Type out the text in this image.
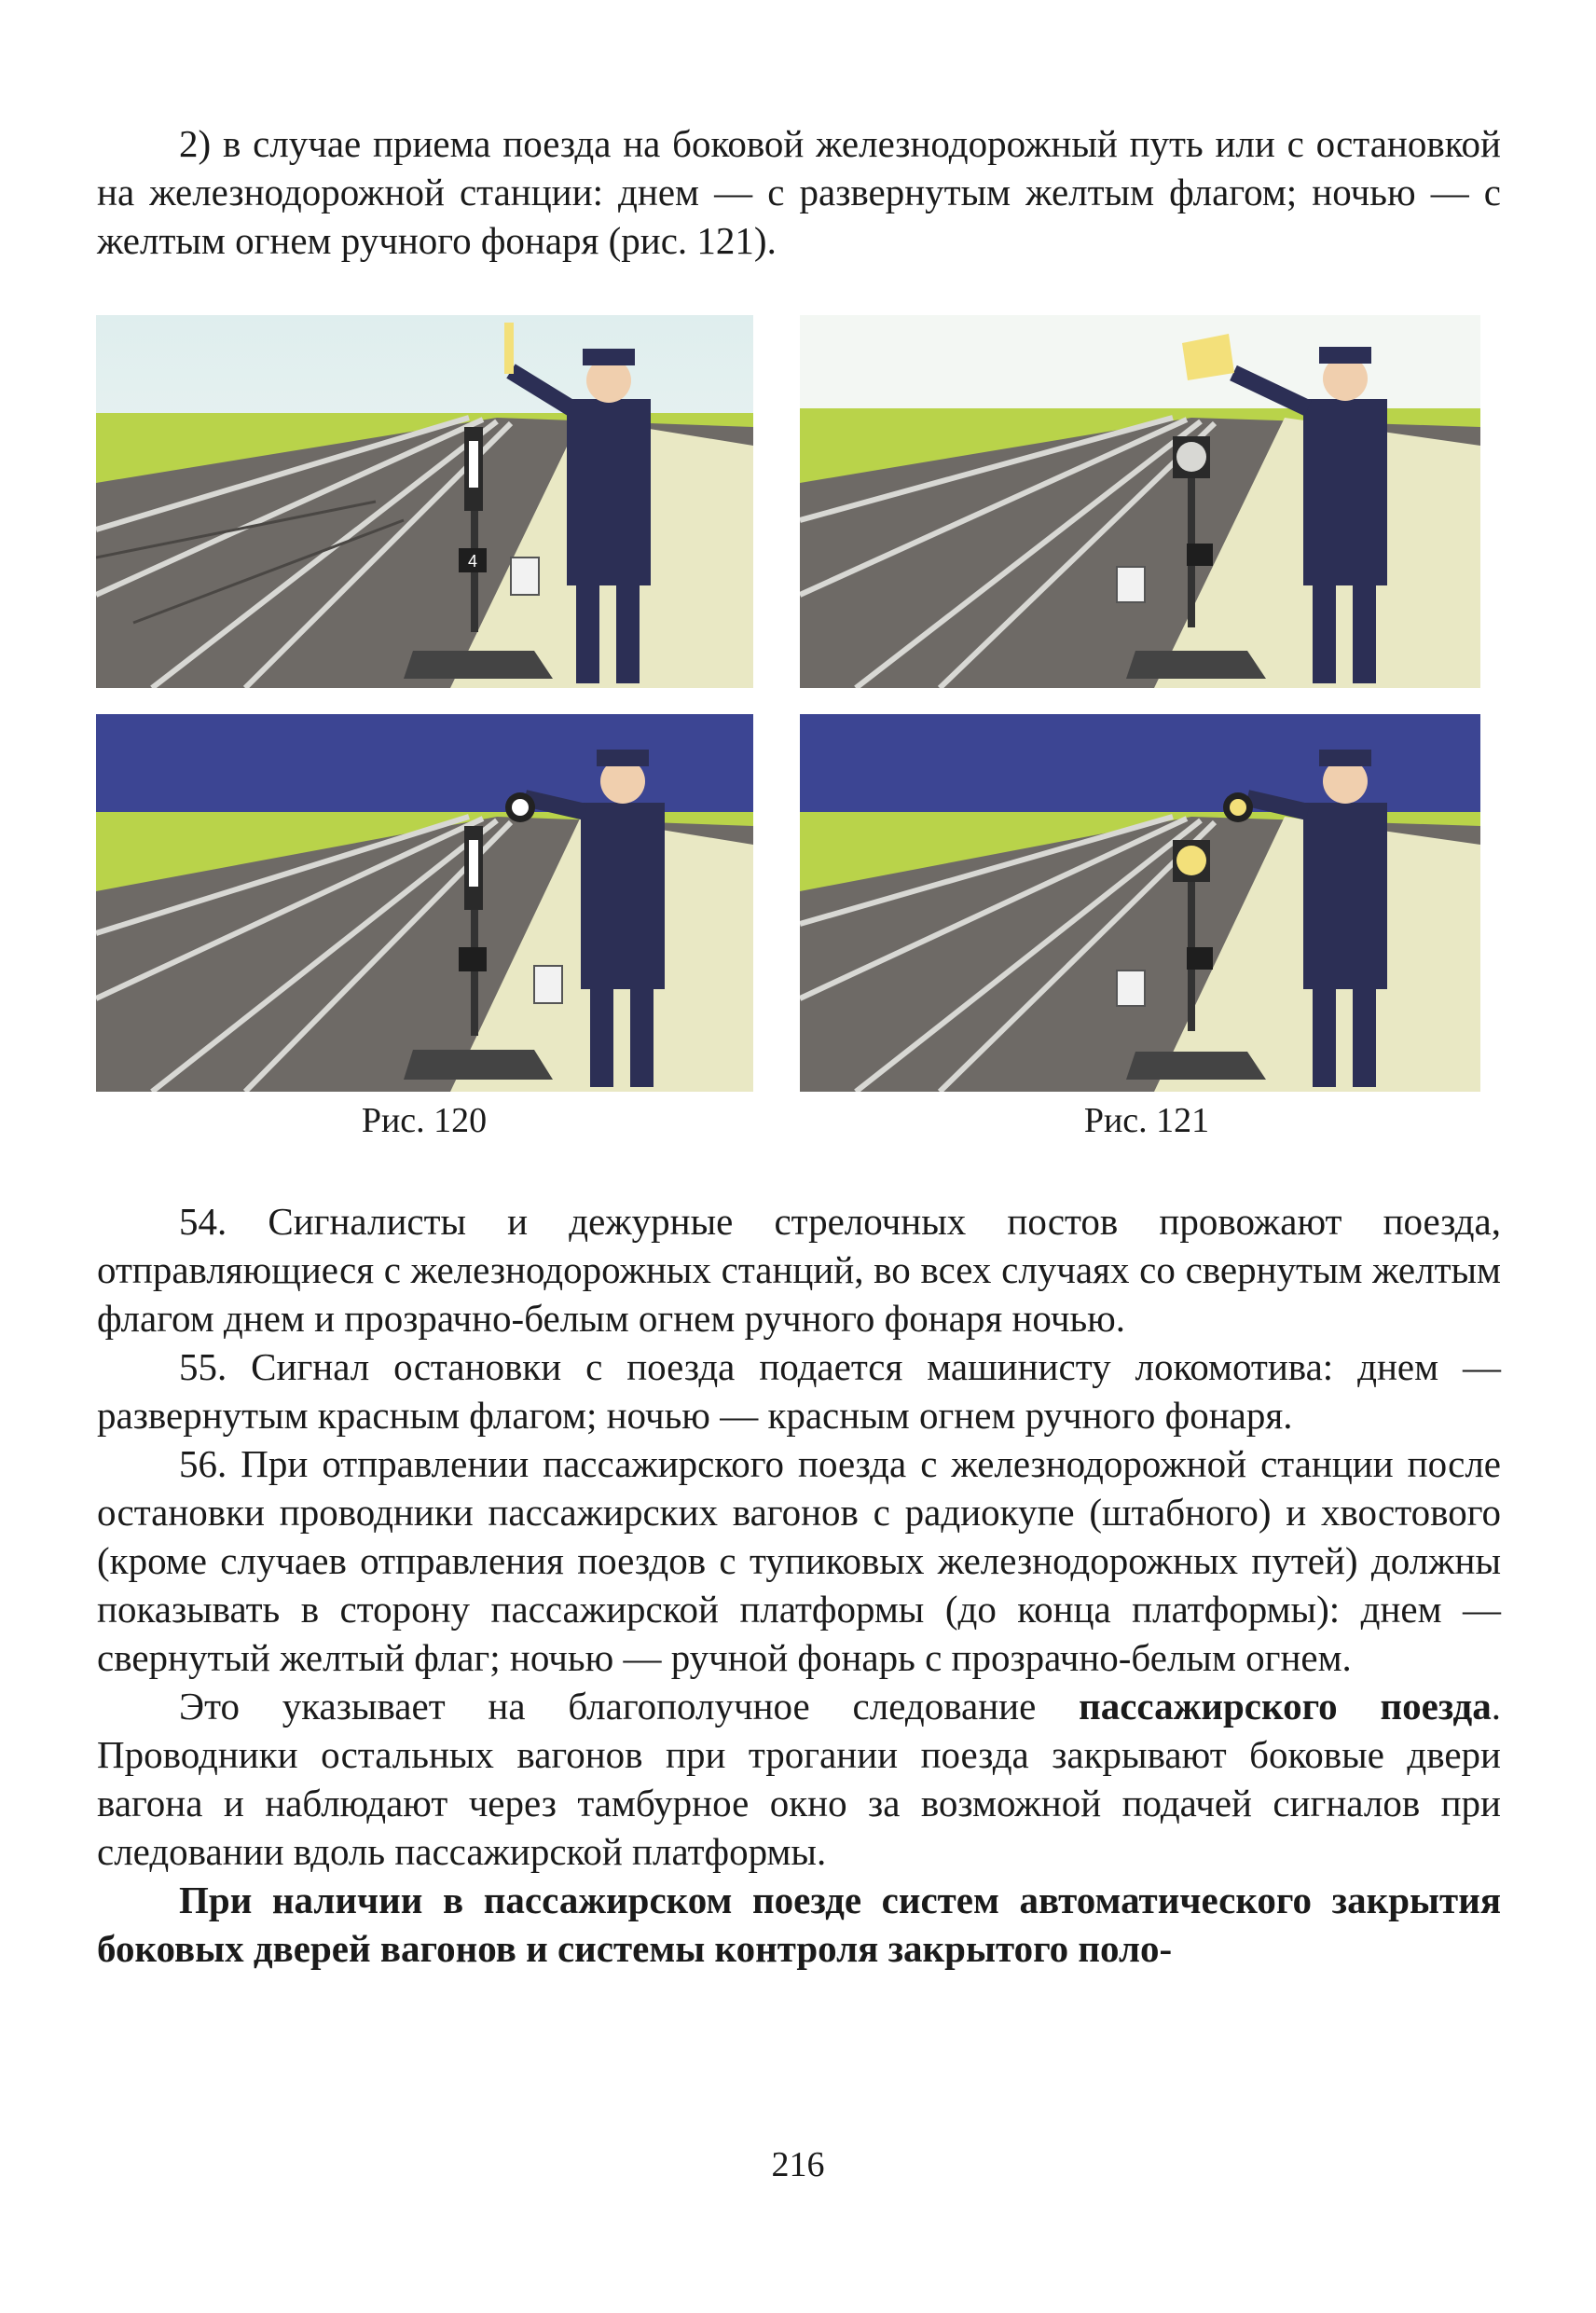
2) в случае приема поезда на боковой железнодорожный путь или с остановкой на железнодорожной станции: днем — с развернутым желтым флагом; ночью — с желтым огнем ручного фонаря (рис. 121).

4
Рис. 120	Рис. 121

54. Сигналисты и дежурные стрелочных постов провожают поезда, отправляющиеся с железнодорожных станций, во всех случаях со свернутым желтым флагом днем и прозрачно-белым огнем ручного фонаря ночью.

55. Сигнал остановки с поезда подается машинисту локомотива: днем — развернутым красным флагом; ночью — красным огнем ручного фонаря.

56. При отправлении пассажирского поезда с железнодорожной станции после остановки проводники пассажирских вагонов с радиокупе (штабного) и хвостового (кроме случаев отправления поездов с тупиковых железнодорожных путей) должны показывать в сторону пассажирской платформы (до конца платформы): днем — свернутый желтый флаг; ночью — ручной фонарь с прозрачно-белым огнем.

Это указывает на благополучное следование пассажирского поезда. Проводники остальных вагонов при трогании поезда закрывают боковые двери вагона и наблюдают через тамбурное окно за возможной подачей сигналов при следовании вдоль пассажирской платформы.

При наличии в пассажирском поезде систем автоматического закрытия боковых дверей вагонов и системы контроля закрытого поло-

216
